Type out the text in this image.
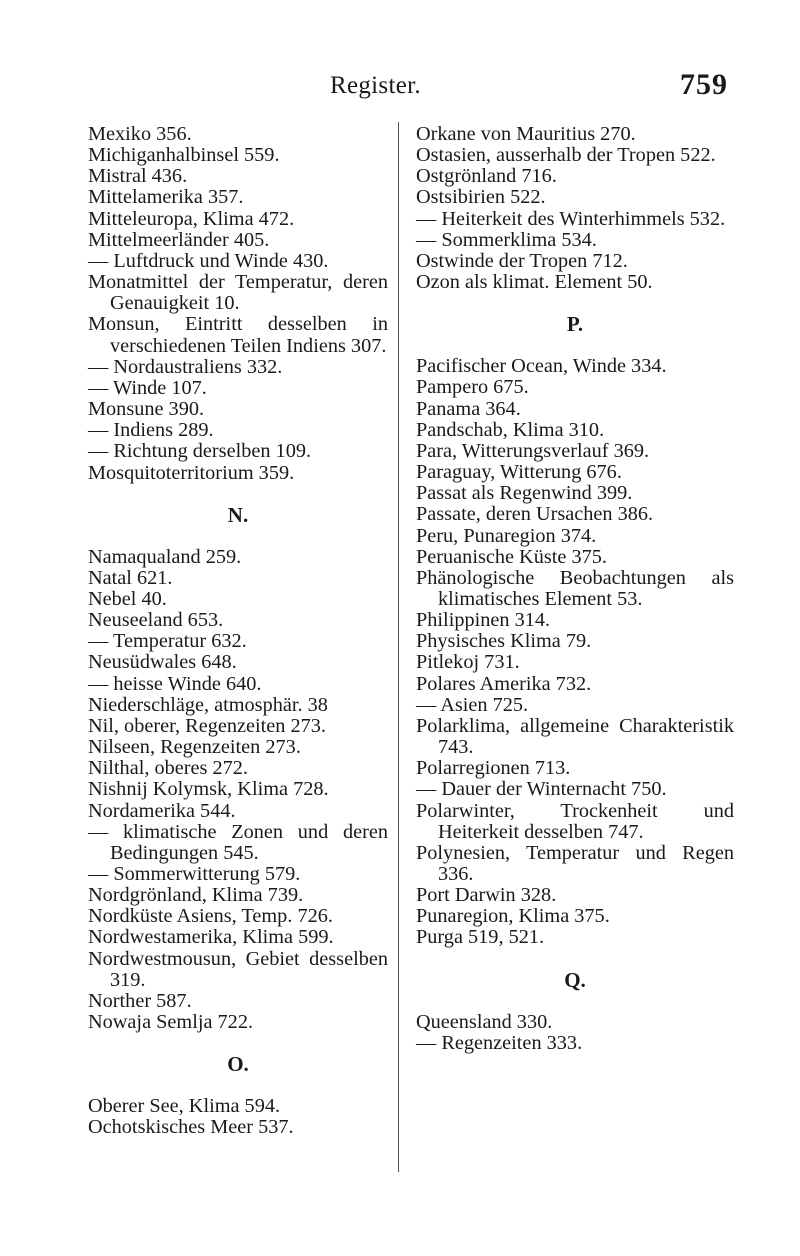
Register.	759
Mexiko 356.
Michiganhalbinsel 559.
Mistral 436.
Mittelamerika 357.
Mitteleuropa, Klima 472.
Mittelmeerländer 405.
— Luftdruck und Winde 430.
Monatmittel der Temperatur, deren Genauigkeit 10.
Monsun, Eintritt desselben in verschiedenen Teilen Indiens 307.
— Nordaustraliens 332.
— Winde 107.
Monsune 390.
— Indiens 289.
— Richtung derselben 109.
Mosquitoterritorium 359.
N.
Namaqualand 259.
Natal 621.
Nebel 40.
Neuseeland 653.
— Temperatur 632.
Neusüdwales 648.
— heisse Winde 640.
Niederschläge, atmosphär. 38
Nil, oberer, Regenzeiten 273.
Nilseen, Regenzeiten 273.
Nilthal, oberes 272.
Nishnij Kolymsk, Klima 728.
Nordamerika 544.
— klimatische Zonen und deren Bedingungen 545.
— Sommerwitterung 579.
Nordgrönland, Klima 739.
Nordküste Asiens, Temp. 726.
Nordwestamerika, Klima 599.
Nordwestmousun, Gebiet desselben 319.
Norther 587.
Nowaja Semlja 722.
O.
Oberer See, Klima 594.
Ochotskisches Meer 537.
Orkane von Mauritius 270.
Ostasien, ausserhalb der Tropen 522.
Ostgrönland 716.
Ostsibirien 522.
— Heiterkeit des Winterhimmels 532.
— Sommerklima 534.
Ostwinde der Tropen 712.
Ozon als klimat. Element 50.
P.
Pacifischer Ocean, Winde 334.
Pampero 675.
Panama 364.
Pandschab, Klima 310.
Para, Witterungsverlauf 369.
Paraguay, Witterung 676.
Passat als Regenwind 399.
Passate, deren Ursachen 386.
Peru, Punaregion 374.
Peruanische Küste 375.
Phänologische Beobachtungen als klimatisches Element 53.
Philippinen 314.
Physisches Klima 79.
Pitlekoj 731.
Polares Amerika 732.
— Asien 725.
Polarklima, allgemeine Charakteristik 743.
Polarregionen 713.
— Dauer der Winternacht 750.
Polarwinter, Trockenheit und Heiterkeit desselben 747.
Polynesien, Temperatur und Regen 336.
Port Darwin 328.
Punaregion, Klima 375.
Purga 519, 521.
Q.
Queensland 330.
— Regenzeiten 333.
